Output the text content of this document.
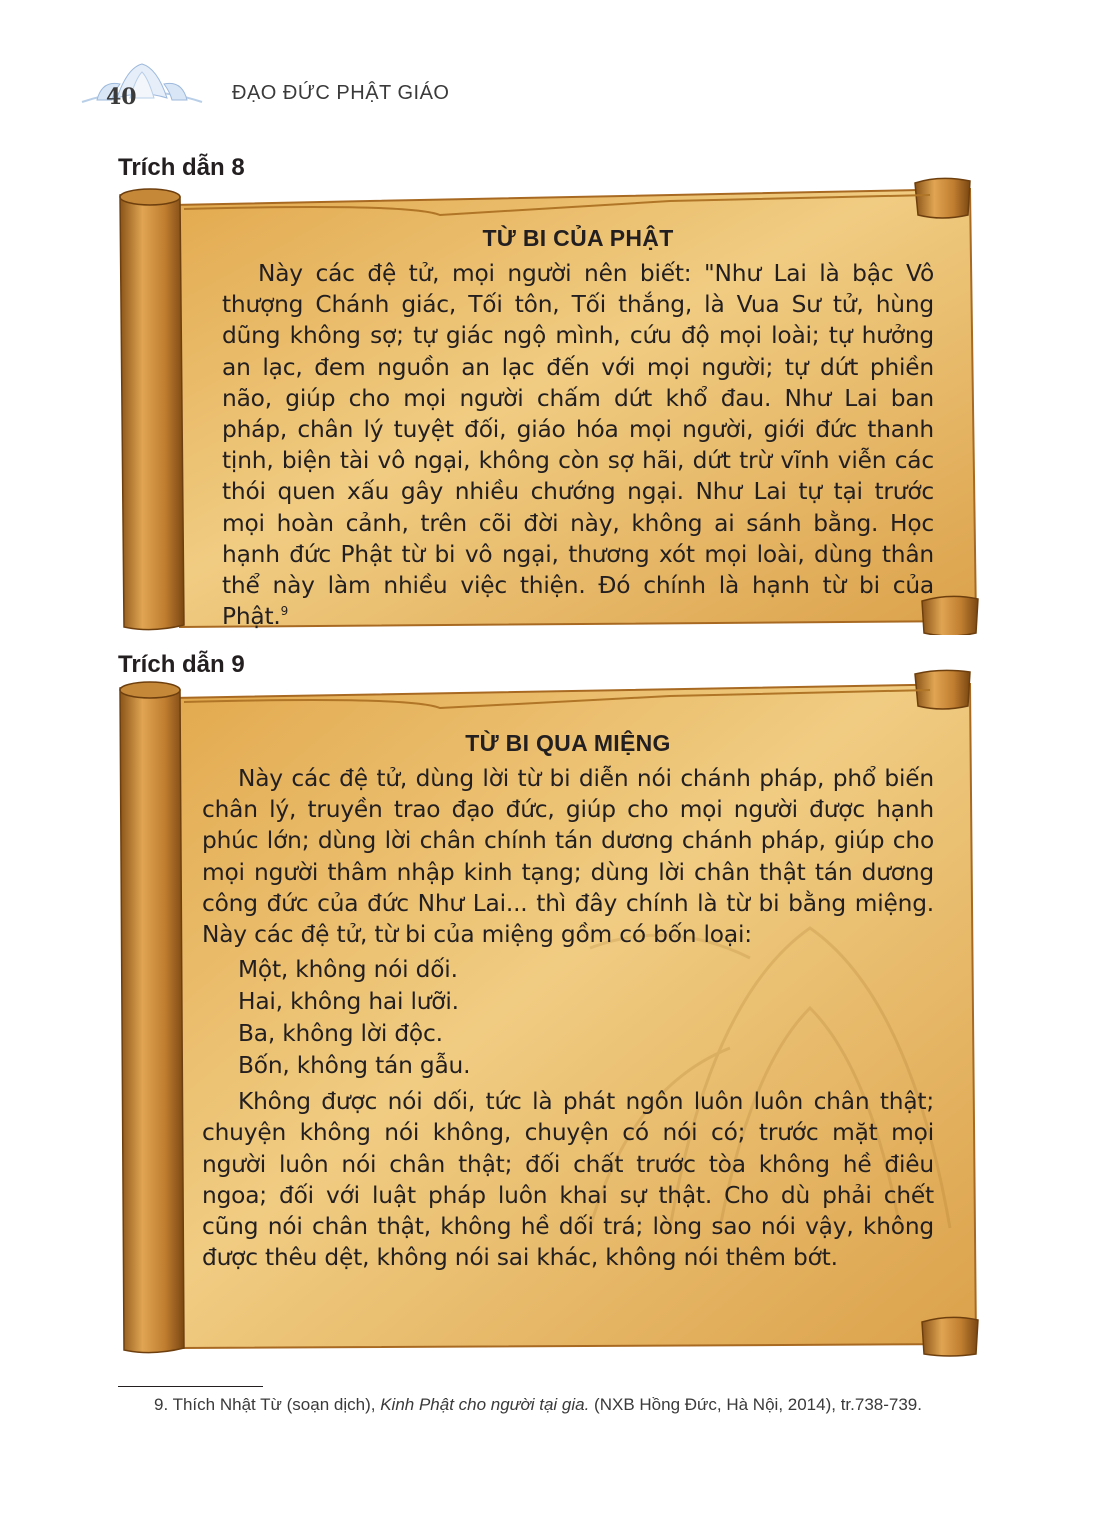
40	ĐẠO ĐỨC PHẬT GIÁO
Trích dẫn 8
TỪ BI CỦA PHẬT

Này các đệ tử, mọi người nên biết: "Như Lai là bậc Vô thượng Chánh giác, Tối tôn, Tối thắng, là Vua Sư tử, hùng dũng không sợ; tự giác ngộ mình, cứu độ mọi loài; tự hưởng an lạc, đem nguồn an lạc đến với mọi người; tự dứt phiền não, giúp cho mọi người chấm dứt khổ đau. Như Lai ban pháp, chân lý tuyệt đối, giáo hóa mọi người, giới đức thanh tịnh, biện tài vô ngại, không còn sợ hãi, dứt trừ vĩnh viễn các thói quen xấu gây nhiều chướng ngại. Như Lai tự tại trước mọi hoàn cảnh, trên cõi đời này, không ai sánh bằng. Học hạnh đức Phật từ bi vô ngại, thương xót mọi loài, dùng thân thể này làm nhiều việc thiện. Đó chính là hạnh từ bi của Phật.$^9$

Trích dẫn 9
TỪ BI QUA MIỆNG

Này các đệ tử, dùng lời từ bi diễn nói chánh pháp, phổ biến chân lý, truyền trao đạo đức, giúp cho mọi người được hạnh phúc lớn; dùng lời chân chính tán dương chánh pháp, giúp cho mọi người thâm nhập kinh tạng; dùng lời chân thật tán dương công đức của đức Như Lai... thì đây chính là từ bi bằng miệng. Này các đệ tử, từ bi của miệng gồm có bốn loại:

Một, không nói dối.
Hai, không hai lưỡi.
Ba, không lời độc.
Bốn, không tán gẫu.

Không được nói dối, tức là phát ngôn luôn luôn chân thật; chuyện không nói không, chuyện có nói có; trước mặt mọi người luôn nói chân thật; đối chất trước tòa không hề điêu ngoa; đối với luật pháp luôn khai sự thật. Cho dù phải chết cũng nói chân thật, không hề dối trá; lòng sao nói vậy, không được thêu dệt, không nói sai khác, không nói thêm bớt.

9. Thích Nhật Từ (soạn dịch), Kinh Phật cho người tại gia. (NXB Hồng Đức, Hà Nội, 2014), tr.738-739.
